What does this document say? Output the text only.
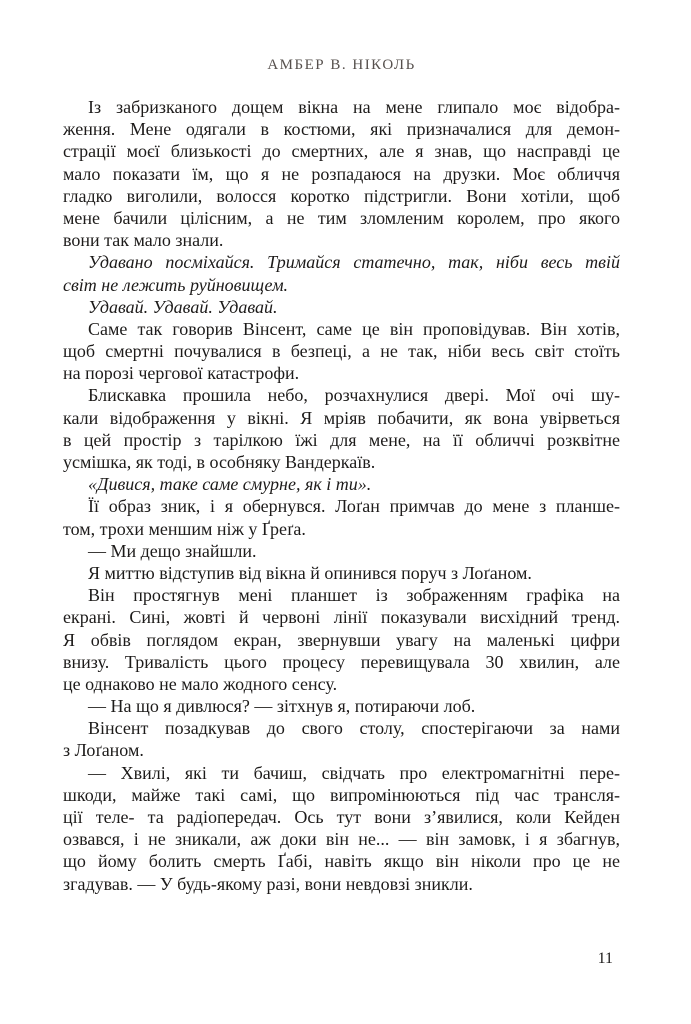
АМБЕР В. НІКОЛЬ
Із забризканого дощем вікна на мене глипало моє відобра-
ження. Мене одягали в костюми, які призначалися для демон-
страції моєї близькості до смертних, але я знав, що насправді це
мало показати їм, що я не розпадаюся на друзки. Моє обличчя
гладко виголили, волосся коротко підстригли. Вони хотіли, щоб
мене бачили цілісним, а не тим зломленим королем, про якого
вони так мало знали.
Удавано посміхайся. Тримайся статечно, так, ніби весь твій
світ не лежить руйновищем.
Удавай. Удавай. Удавай.
Саме так говорив Вінсент, саме це він проповідував. Він хотів,
щоб смертні почувалися в безпеці, а не так, ніби весь світ стоїть
на порозі чергової катастрофи.
Блискавка прошила небо, розчахнулися двері. Мої очі шу-
кали відображення у вікні. Я мріяв побачити, як вона увірветься
в цей простір з тарілкою їжі для мене, на її обличчі розквітне
усмішка, як тоді, в особняку Вандеркаїв.
«Дивися, таке саме смурне, як і ти».
Її образ зник, і я обернувся. Лоґан примчав до мене з планше-
том, трохи меншим ніж у Ґреґа.
— Ми дещо знайшли.
Я миттю відступив від вікна й опинився поруч з Лоґаном.
Він простягнув мені планшет із зображенням графіка на
екрані. Сині, жовті й червоні лінії показували висхідний тренд.
Я обвів поглядом екран, звернувши увагу на маленькі цифри
внизу. Тривалість цього процесу перевищувала 30 хвилин, але
це однаково не мало жодного сенсу.
— На що я дивлюся? — зітхнув я, потираючи лоб.
Вінсент позадкував до свого столу, спостерігаючи за нами
з Лоґаном.
— Хвилі, які ти бачиш, свідчать про електромагнітні пере-
шкоди, майже такі самі, що випромінюються під час трансля-
ції теле- та радіопередач. Ось тут вони з’явилися, коли Кейден
озвався, і не зникали, аж доки він не... — він замовк, і я збагнув,
що йому болить смерть Ґабі, навіть якщо він ніколи про це не
згадував. — У будь-якому разі, вони невдовзі зникли.
11
